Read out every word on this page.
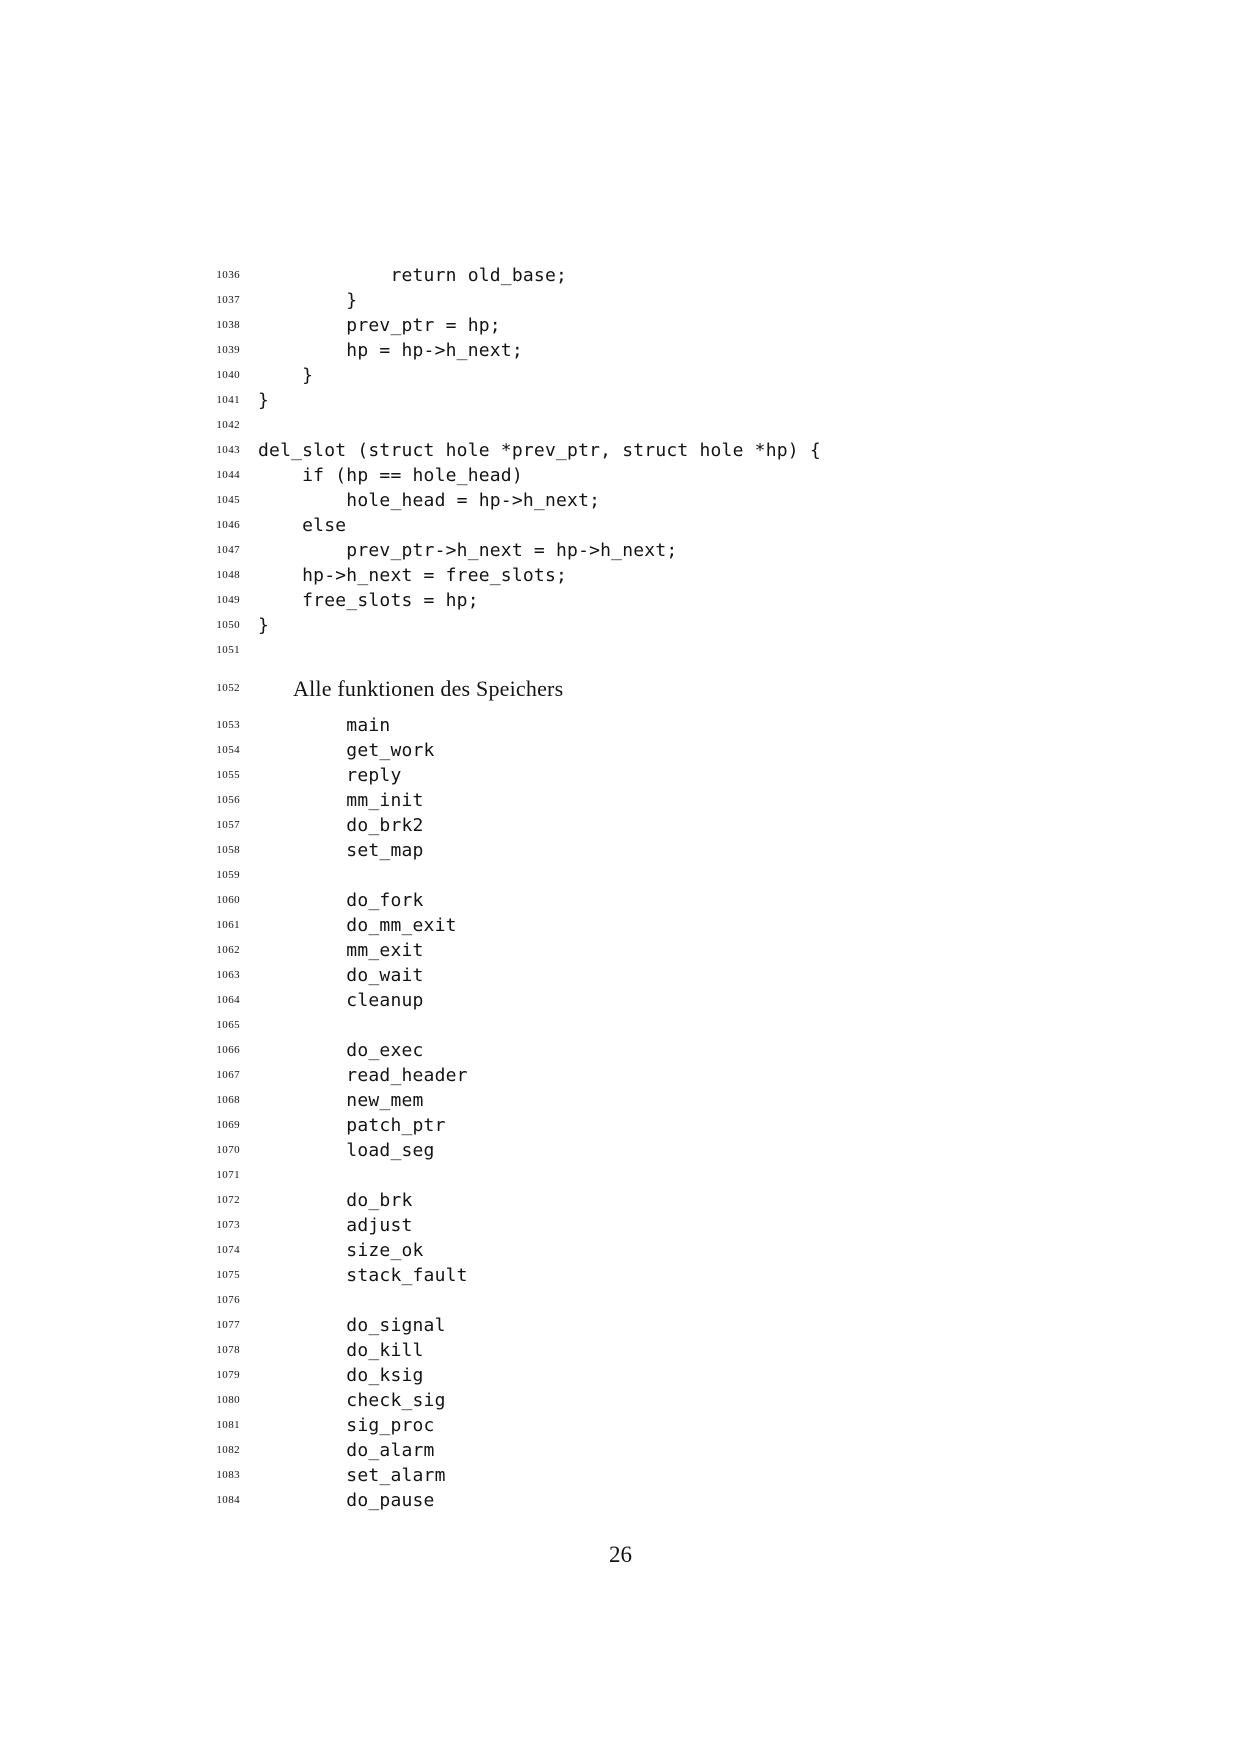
1036 return old_base;
1037 }
1038 prev_ptr = hp;
1039 hp = hp->h_next;
1040 }
1041 }
1042
1043 del_slot (struct hole *prev_ptr, struct hole *hp) {
1044 if (hp == hole_head)
1045 hole_head = hp->h_next;
1046 else
1047 prev_ptr->h_next = hp->h_next;
1048 hp->h_next = free_slots;
1049 free_slots = hp;
1050 }
1051
1052 Alle funktionen des Speichers
1053 main
1054 get_work
1055 reply
1056 mm_init
1057 do_brk2
1058 set_map
1059
1060 do_fork
1061 do_mm_exit
1062 mm_exit
1063 do_wait
1064 cleanup
1065
1066 do_exec
1067 read_header
1068 new_mem
1069 patch_ptr
1070 load_seg
1071
1072 do_brk
1073 adjust
1074 size_ok
1075 stack_fault
1076
1077 do_signal
1078 do_kill
1079 do_ksig
1080 check_sig
1081 sig_proc
1082 do_alarm
1083 set_alarm
1084 do_pause
26
